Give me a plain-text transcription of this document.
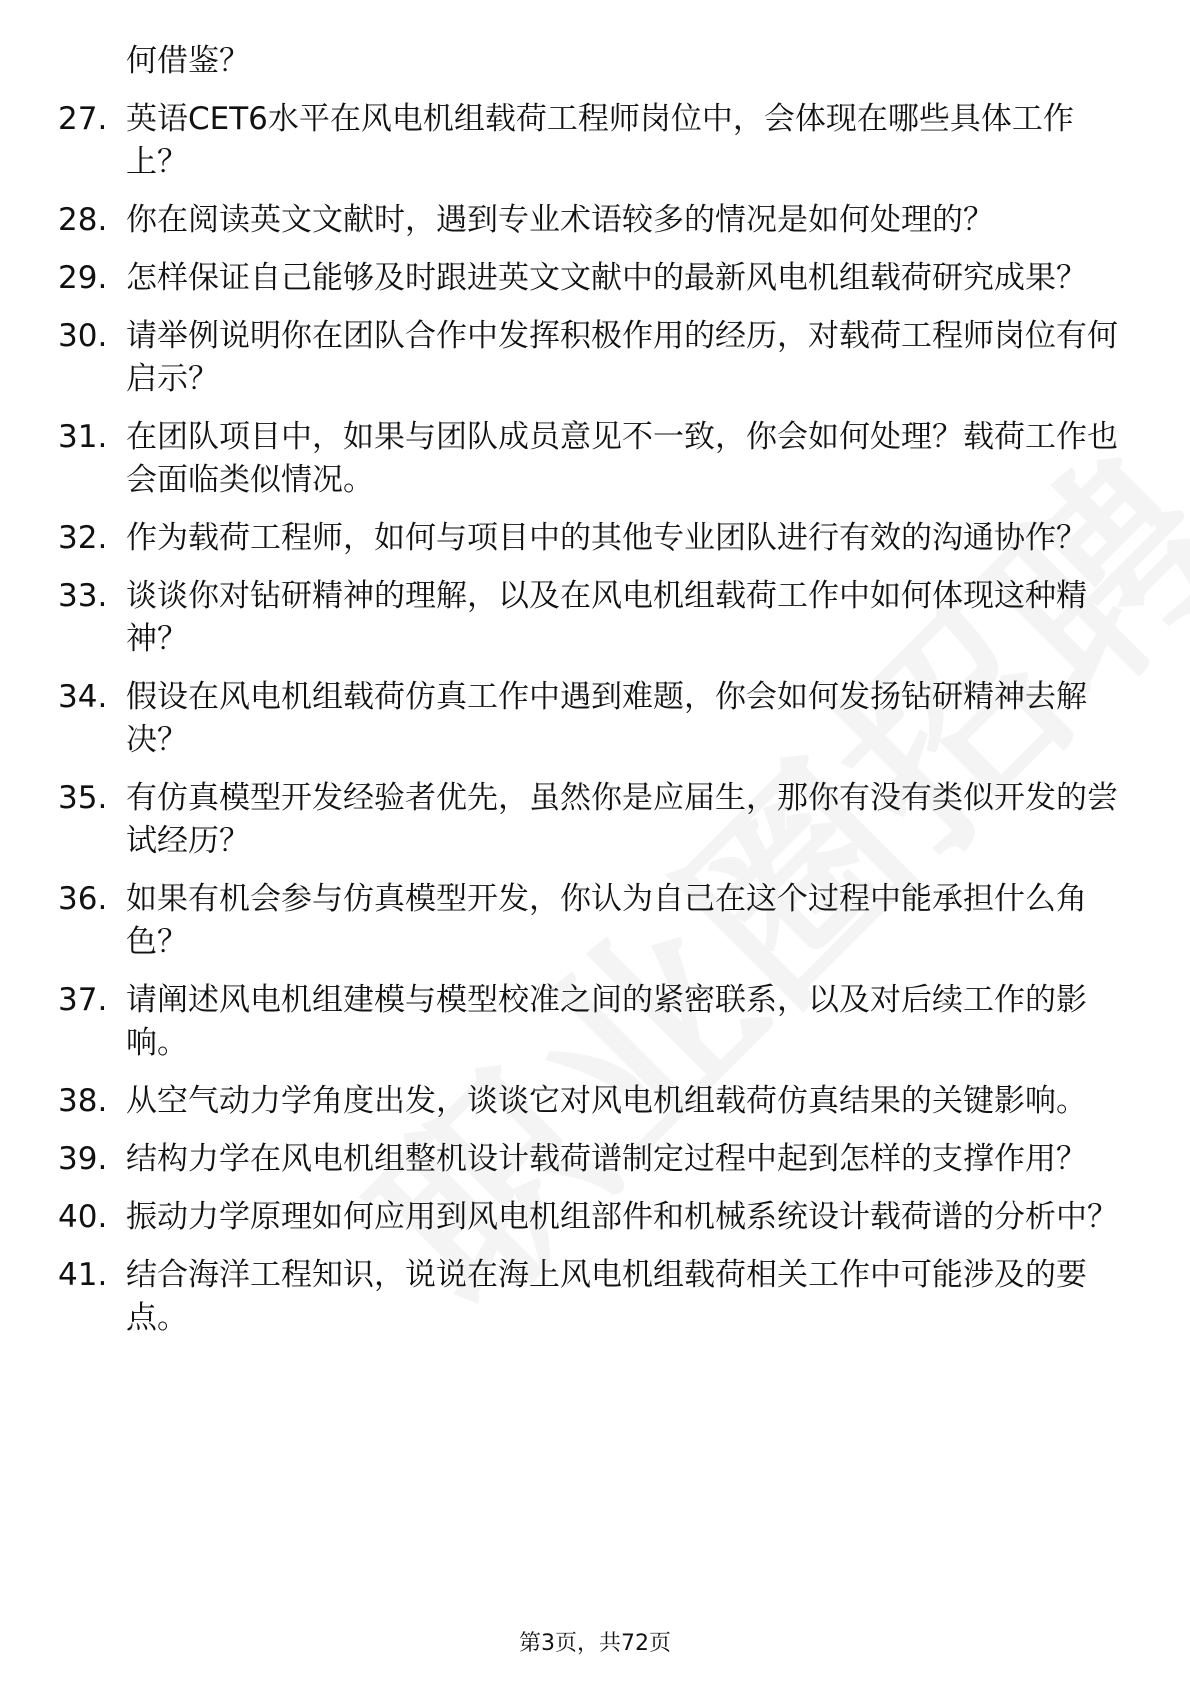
何借鉴？
27. 英语CET6水平在风电机组载荷工程师岗位中，会体现在哪些具体工作上？
28. 你在阅读英文文献时，遇到专业术语较多的情况是如何处理的？
29. 怎样保证自己能够及时跟进英文文献中的最新风电机组载荷研究成果？
30. 请举例说明你在团队合作中发挥积极作用的经历，对载荷工程师岗位有何启示？
31. 在团队项目中，如果与团队成员意见不一致，你会如何处理？载荷工作也会面临类似情况。
32. 作为载荷工程师，如何与项目中的其他专业团队进行有效的沟通协作？
33. 谈谈你对钻研精神的理解，以及在风电机组载荷工作中如何体现这种精神？
34. 假设在风电机组载荷仿真工作中遇到难题，你会如何发扬钻研精神去解决？
35. 有仿真模型开发经验者优先，虽然你是应届生，那你有没有类似开发的尝试经历？
36. 如果有机会参与仿真模型开发，你认为自己在这个过程中能承担什么角色？
37. 请阐述风电机组建模与模型校准之间的紧密联系，以及对后续工作的影响。
38. 从空气动力学角度出发，谈谈它对风电机组载荷仿真结果的关键影响。
39. 结构力学在风电机组整机设计载荷谱制定过程中起到怎样的支撑作用？
40. 振动力学原理如何应用到风电机组部件和机械系统设计载荷谱的分析中？
41. 结合海洋工程知识，说说在海上风电机组载荷相关工作中可能涉及的要点。
第3页，共72页
